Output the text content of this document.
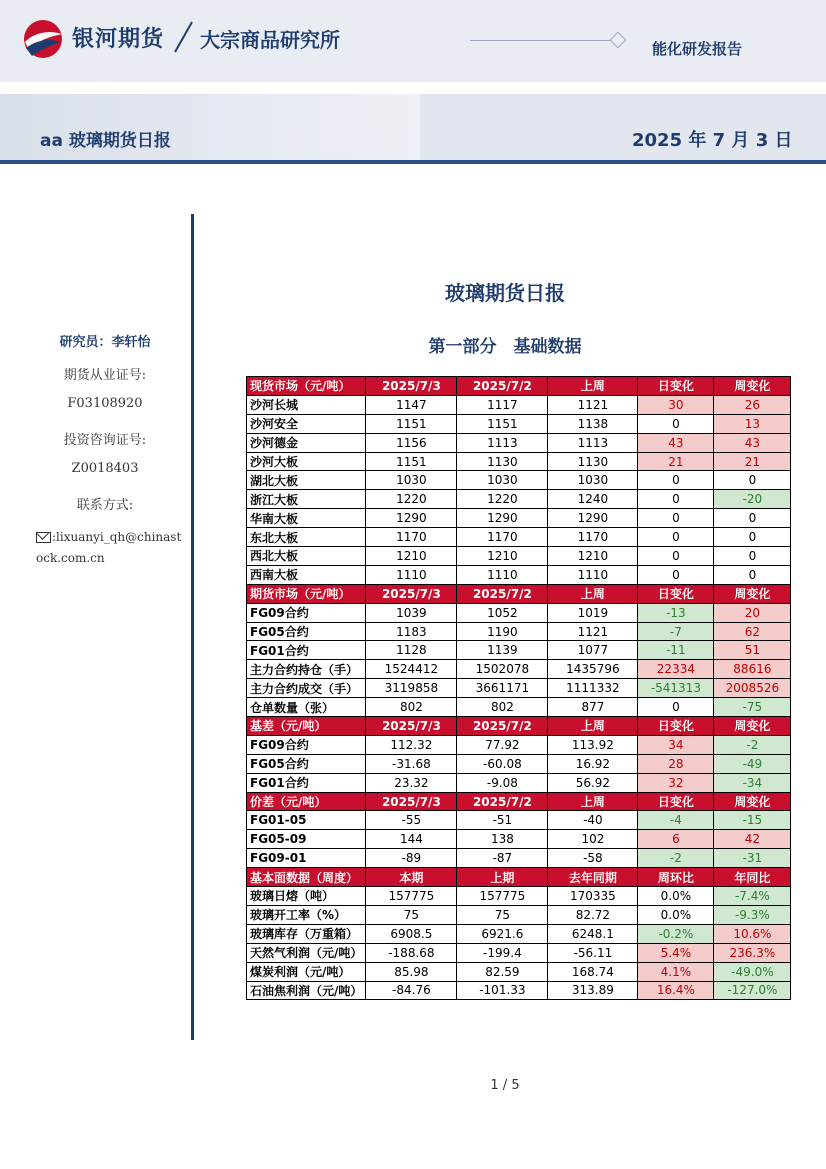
银河期货 大宗商品研究所	能化研发报告
aa 玻璃期货日报	2025 年 7 月 3 日
研究员：李轩怡
期货从业证号:
F03108920
投资咨询证号:
Z0018403
联系方式:
:lixuanyi_qh@chinastock.com.cn
玻璃期货日报
第一部分　基础数据
现货市场（元/吨）	2025/7/3	2025/7/2	上周	日变化	周变化
沙河长城	1147	1117	1121	30	26
沙河安全	1151	1151	1138	0	13
沙河德金	1156	1113	1113	43	43
沙河大板	1151	1130	1130	21	21
湖北大板	1030	1030	1030	0	0
浙江大板	1220	1220	1240	0	-20
华南大板	1290	1290	1290	0	0
东北大板	1170	1170	1170	0	0
西北大板	1210	1210	1210	0	0
西南大板	1110	1110	1110	0	0
期货市场（元/吨）	2025/7/3	2025/7/2	上周	日变化	周变化
FG09合约	1039	1052	1019	-13	20
FG05合约	1183	1190	1121	-7	62
FG01合约	1128	1139	1077	-11	51
主力合约持仓（手）	1524412	1502078	1435796	22334	88616
主力合约成交（手）	3119858	3661171	1111332	-541313	2008526
仓单数量（张）	802	802	877	0	-75
基差（元/吨）	2025/7/3	2025/7/2	上周	日变化	周变化
FG09合约	112.32	77.92	113.92	34	-2
FG05合约	-31.68	-60.08	16.92	28	-49
FG01合约	23.32	-9.08	56.92	32	-34
价差（元/吨）	2025/7/3	2025/7/2	上周	日变化	周变化
FG01-05	-55	-51	-40	-4	-15
FG05-09	144	138	102	6	42
FG09-01	-89	-87	-58	-2	-31
基本面数据（周度）	本期	上期	去年同期	周环比	年同比
玻璃日熔（吨）	157775	157775	170335	0.0%	-7.4%
玻璃开工率（%）	75	75	82.72	0.0%	-9.3%
玻璃库存（万重箱）	6908.5	6921.6	6248.1	-0.2%	10.6%
天然气利润（元/吨）	-188.68	-199.4	-56.11	5.4%	236.3%
煤炭利润（元/吨）	85.98	82.59	168.74	4.1%	-49.0%
石油焦利润（元/吨）	-84.76	-101.33	313.89	16.4%	-127.0%
1 / 5
